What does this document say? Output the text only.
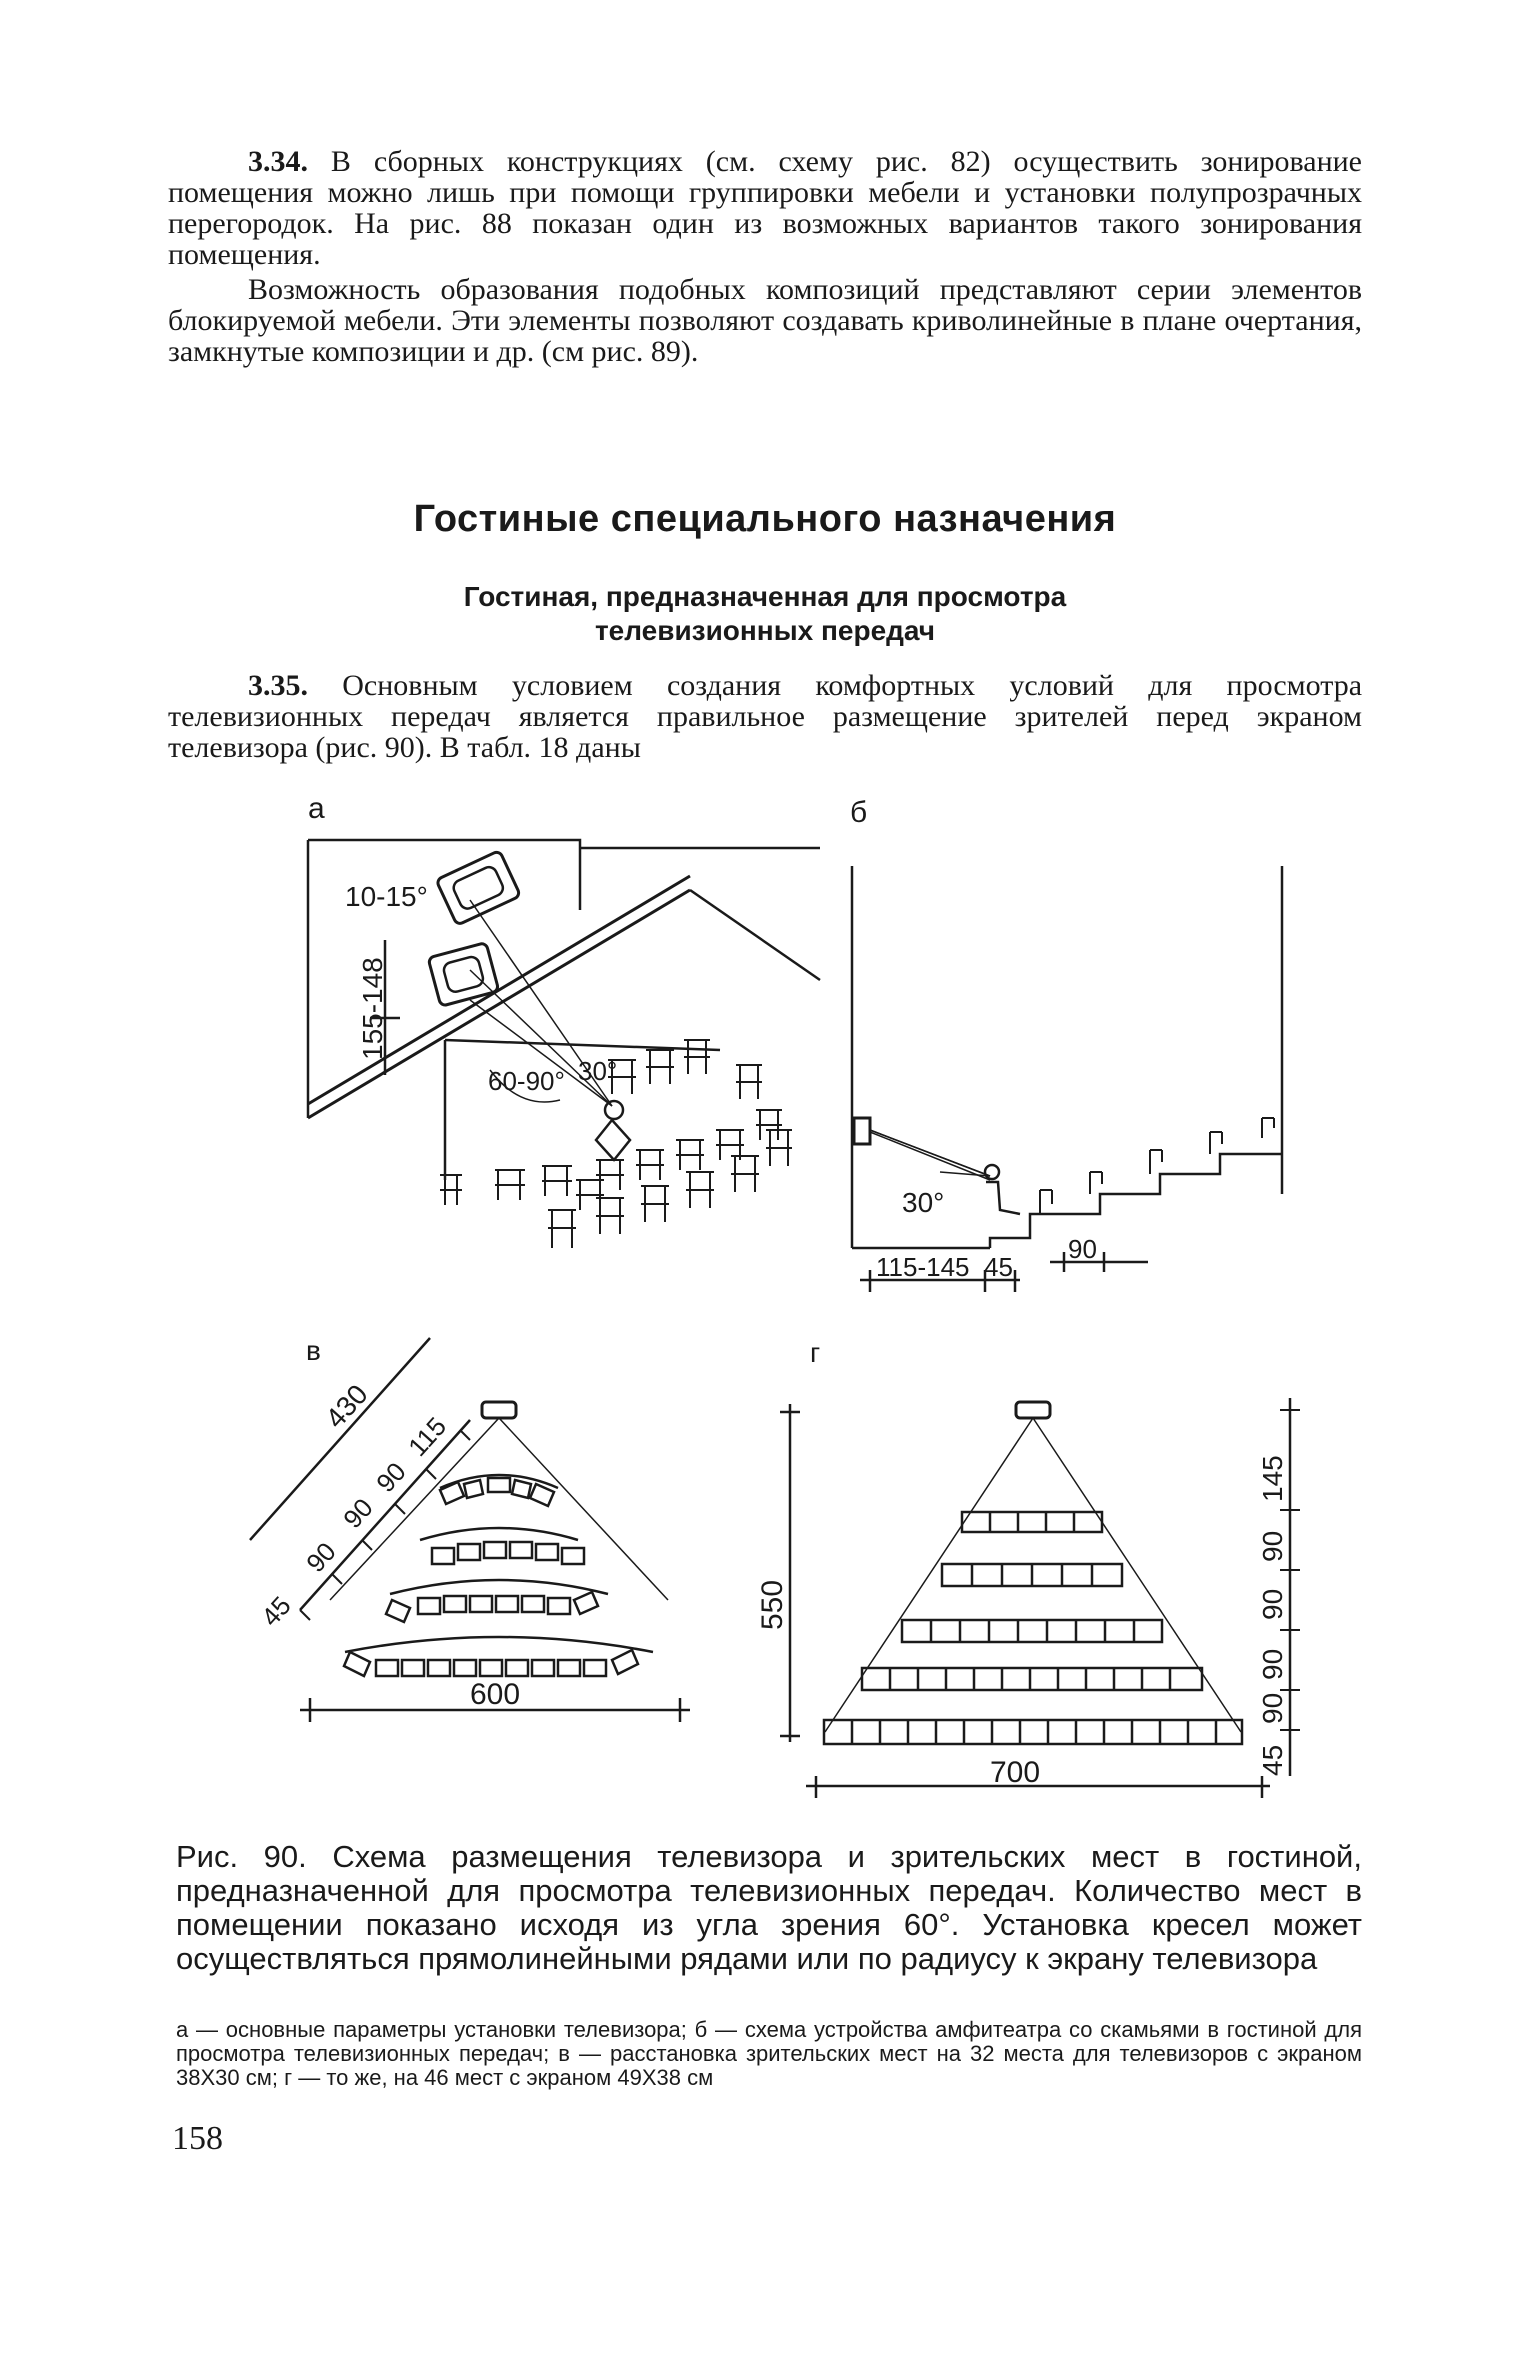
3.34. В сборных конструкциях (см. схему рис. 82) осуществить зонирование помещения можно лишь при помощи группировки мебели и установки полупрозрачных перегородок. На рис. 88 показан один из возможных вариантов такого зонирования помещения.

Возможность образования подобных композиций представляют серии элементов блокируемой мебели. Эти элементы позволяют создавать криволинейные в плане очертания, замкнутые композиции и др. (см рис. 89).

Гостиные специального назначения
Гостиная, предназначенная для просмотра
телевизионных передач

3.35. Основным условием создания комфортных условий для просмотра телевизионных передач является правильное размещение зрителей перед экраном телевизора (рис. 90). В табл. 18 даны

а
10-15°
155-148
60-90° 30°
б
30°
115-145 45
90
в
600
430
45
90
90
90
115
г
550
700
145
90
90
90
90
45

Рис. 90. Схема размещения телевизора и зрительских мест в гостиной, предназначенной для просмотра телевизионных передач. Количество мест в помещении показано исходя из угла зрения 60°. Установка кресел может осуществляться прямолинейными рядами или по радиусу к экрану телевизора

а — основные параметры установки телевизора; б — схема устройства амфитеатра со скамьями в гостиной для просмотра телевизионных передач; в — расстановка зрительских мест на 32 места для телевизоров с экраном 38Х30 см; г — то же, на 46 мест с экраном 49Х38 см

158
